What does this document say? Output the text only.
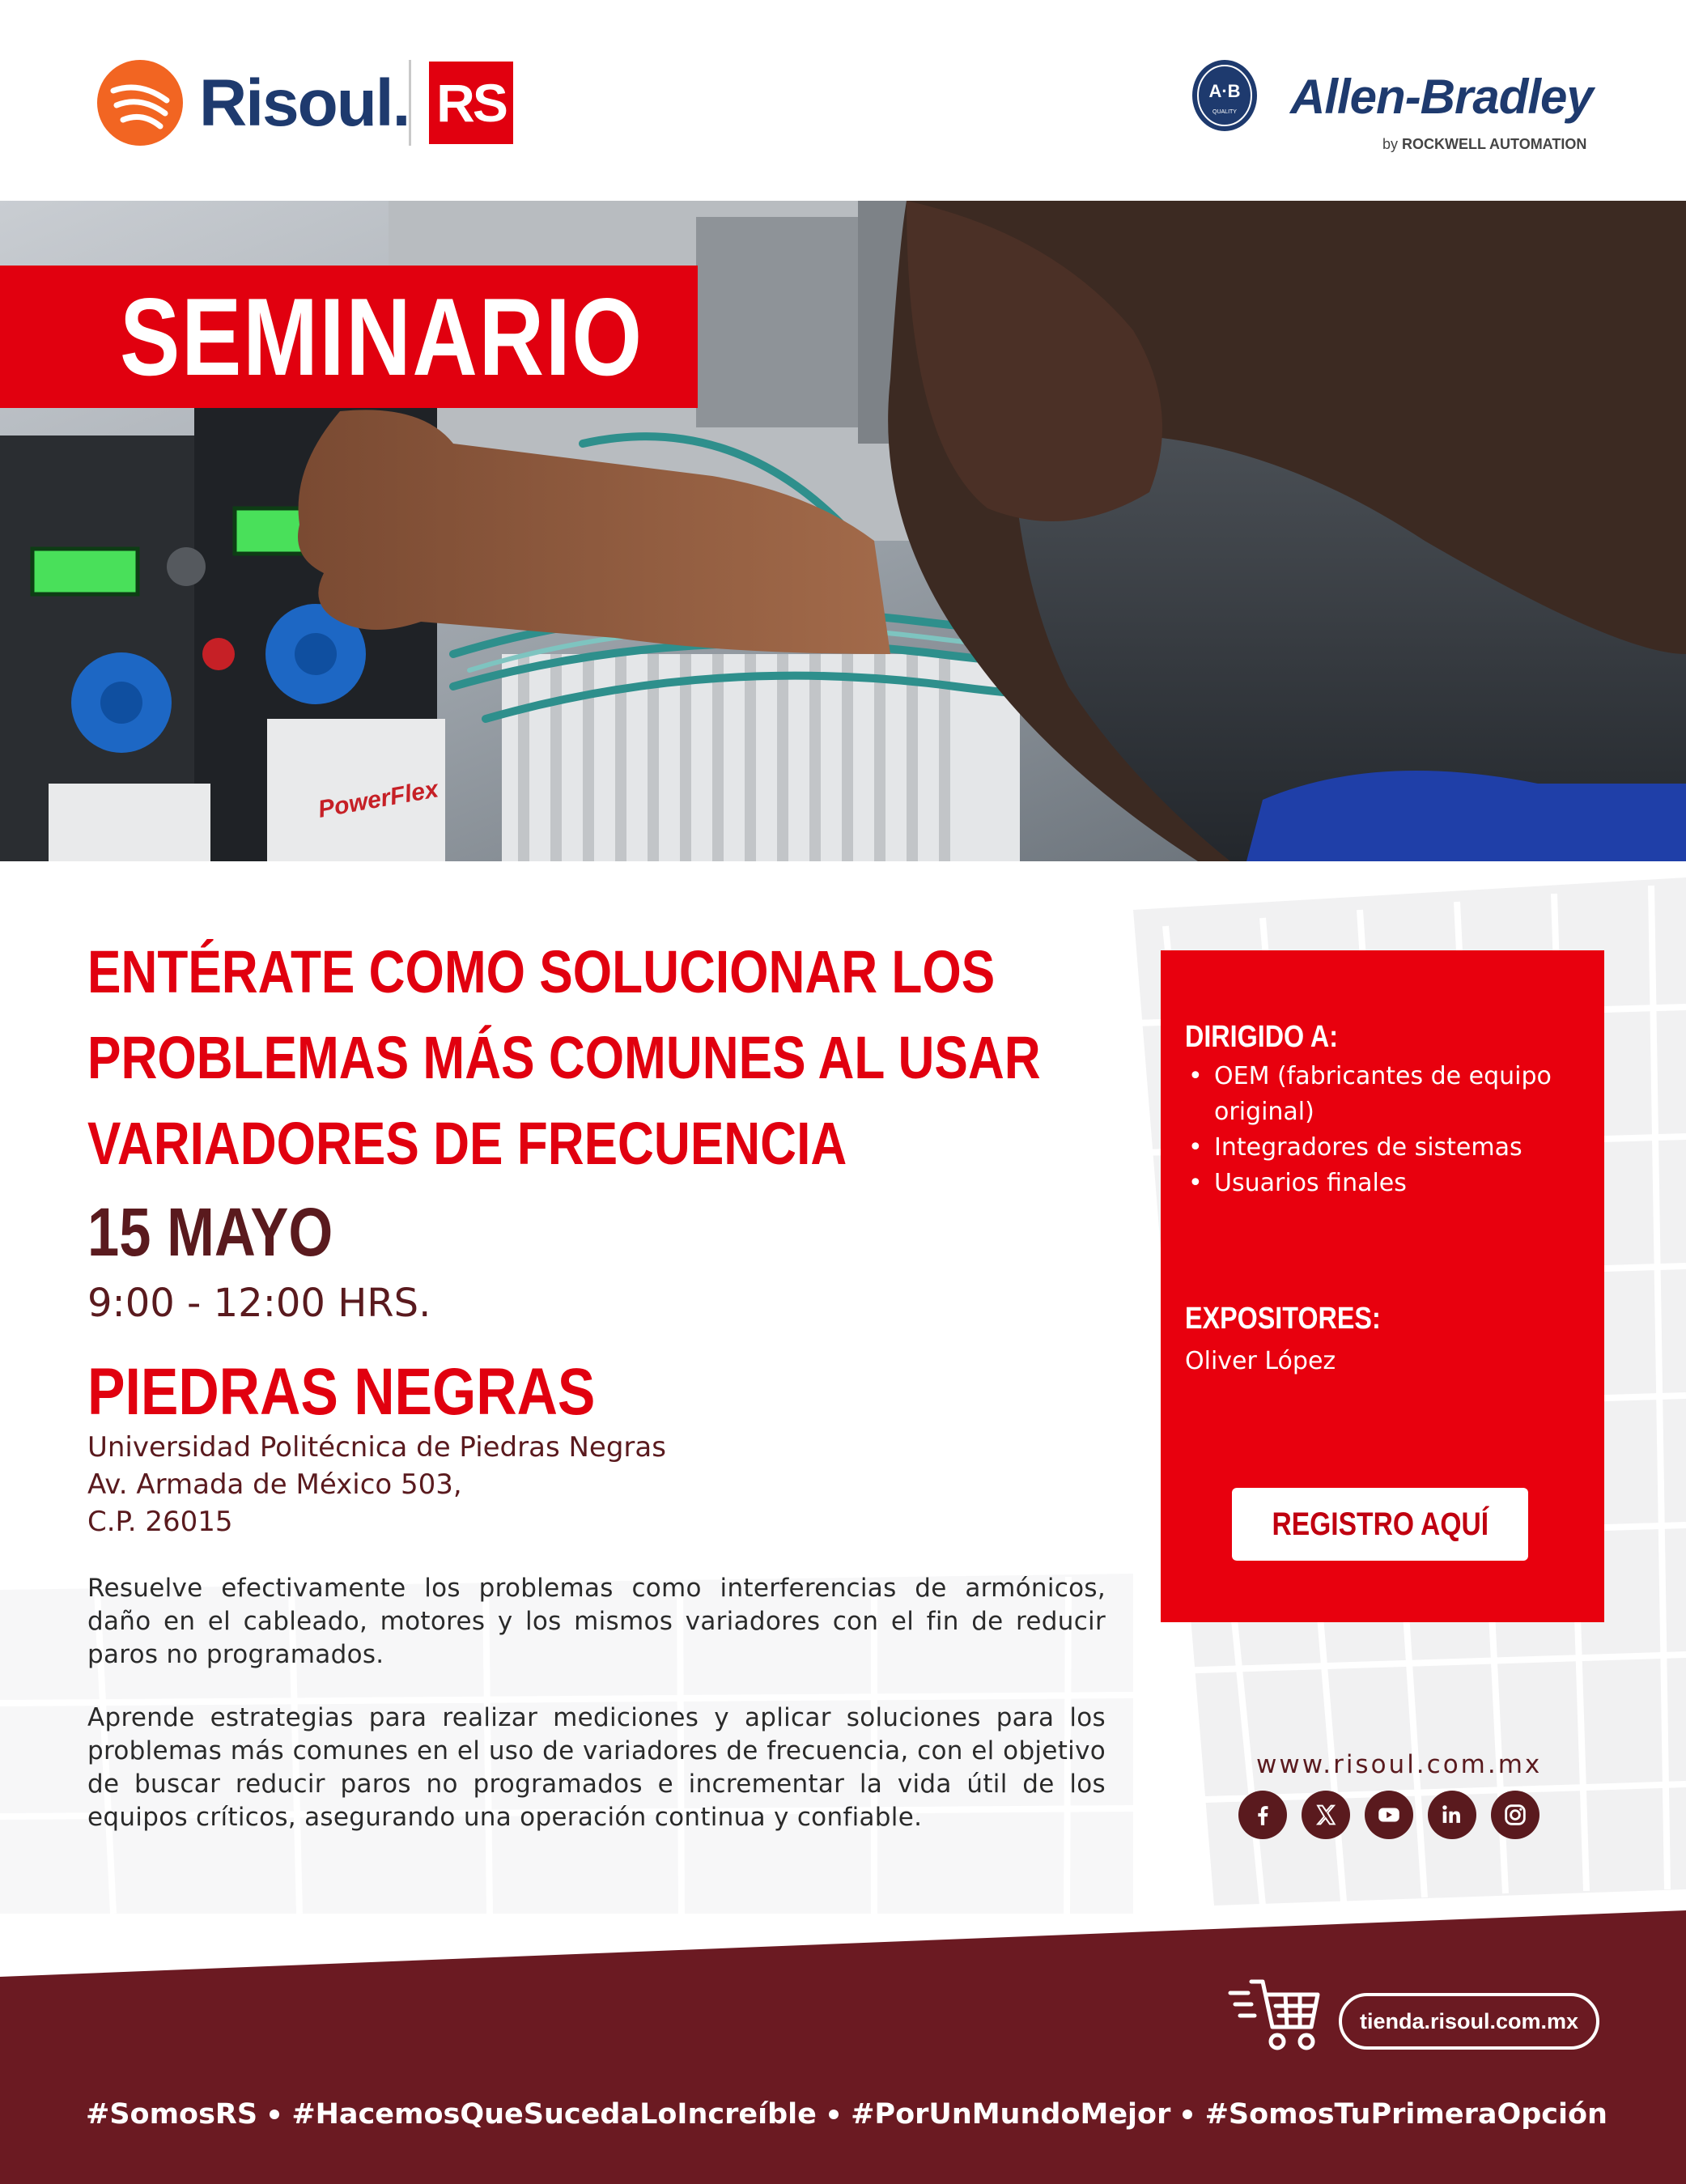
Risoul. RS	A·B
QUALITY Allen-Bradley
by ROCKWELL AUTOMATION
PowerFlex
SEMINARIO
ENTÉRATE COMO SOLUCIONAR LOS
PROBLEMAS MÁS COMUNES AL USAR
VARIADORES DE FRECUENCIA
15 MAYO
9:00 - 12:00 HRS.
PIEDRAS NEGRAS
Universidad Politécnica de Piedras Negras
Av. Armada de México 503,
C.P. 26015

Resuelve efectivamente los problemas como interferencias de armónicos, daño en el cableado, motores y los mismos variadores con el fin de reducir paros no programados.

Aprende estrategias para realizar mediciones y aplicar soluciones para los problemas más comunes en el uso de variadores de frecuencia, con el objetivo de buscar reducir paros no programados e incrementar la vida útil de los equipos críticos, asegurando una operación continua y confiable.

DIRIGIDO A:
• OEM (fabricantes de equipo original)
• Integradores de sistemas
• Usuarios finales
EXPOSITORES:
Oliver López
REGISTRO AQUÍ
www.risoul.com.mx
tienda.risoul.com.mx
#SomosRS #HacemosQueSucedaLoIncreíble #PorUnMundoMejor #SomosTuPrimeraOpción
